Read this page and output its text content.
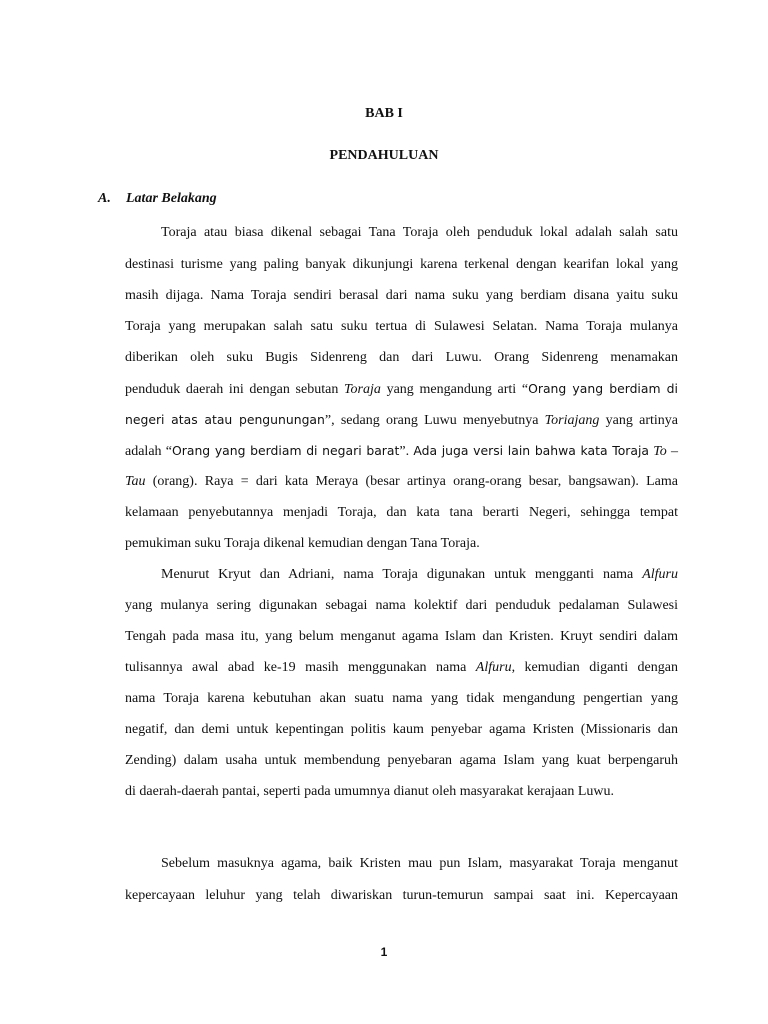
BAB I
PENDAHULUAN
A. Latar Belakang
Toraja atau biasa dikenal sebagai Tana Toraja oleh penduduk lokal adalah salah satu
destinasi turisme yang paling banyak dikunjungi karena terkenal dengan kearifan lokal yang
masih dijaga. Nama Toraja sendiri berasal dari nama suku yang berdiam disana yaitu suku
Toraja yang merupakan salah satu suku tertua di Sulawesi Selatan. Nama Toraja mulanya
diberikan oleh suku Bugis Sidenreng dan dari Luwu. Orang Sidenreng menamakan
penduduk daerah ini dengan sebutan Toraja yang mengandung arti “Orang yang berdiam di
negeri atas atau pengunungan”, sedang orang Luwu menyebutnya Toriajang yang artinya
adalah “Orang yang berdiam di negari barat”. Ada juga versi lain bahwa kata Toraja To –
Tau (orang). Raya = dari kata Meraya (besar artinya orang-orang besar, bangsawan). Lama
kelamaan penyebutannya menjadi Toraja, dan kata tana berarti Negeri, sehingga tempat
pemukiman suku Toraja dikenal kemudian dengan Tana Toraja.
Menurut Kryut dan Adriani, nama Toraja digunakan untuk mengganti nama Alfuru
yang mulanya sering digunakan sebagai nama kolektif dari penduduk pedalaman Sulawesi
Tengah pada masa itu, yang belum menganut agama Islam dan Kristen. Kruyt sendiri dalam
tulisannya awal abad ke-19 masih menggunakan nama Alfuru, kemudian diganti dengan
nama Toraja karena kebutuhan akan suatu nama yang tidak mengandung pengertian yang
negatif, dan demi untuk kepentingan politis kaum penyebar agama Kristen (Missionaris dan
Zending) dalam usaha untuk membendung penyebaran agama Islam yang kuat berpengaruh
di daerah-daerah pantai, seperti pada umumnya dianut oleh masyarakat kerajaan Luwu.
Sebelum masuknya agama, baik Kristen mau pun Islam, masyarakat Toraja menganut
kepercayaan leluhur yang telah diwariskan turun-temurun sampai saat ini. Kepercayaan
1
